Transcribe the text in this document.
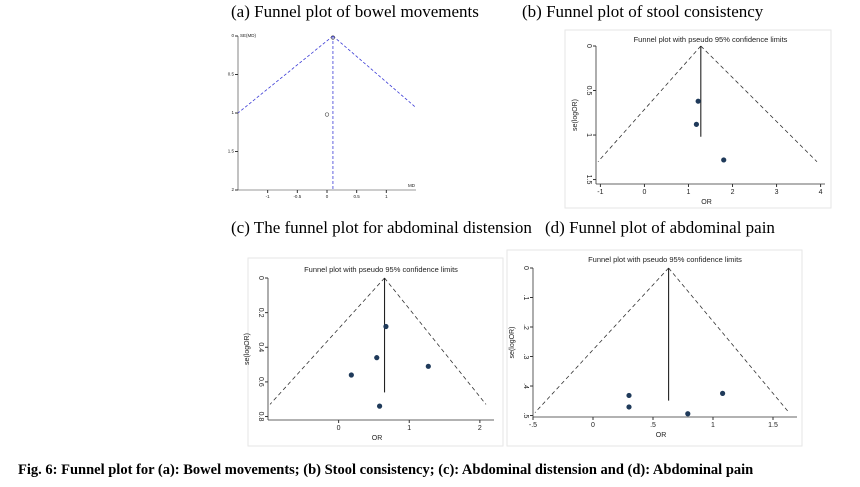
(a) Funnel plot of bowel movements	(b) Funnel plot of stool consistency
(c) The funnel plot for abdominal distension (d) Funnel plot of abdominal pain
-1	-0.5	0	0.5	1
0
0.5
1
1.5
2
SE(MD)
MD
-1	0	1	2	3	4
0
0.5
1
1.5
OR
se(logOR)
Funnel plot with pseudo 95% confidence limits
0	1	2
0
0.2
0.4
0.6
0.8
OR
se(logOR)
Funnel plot with pseudo 95% confidence limits
-.5	0	.5	1	1.5
0
.1
.2
.3
.4
.5
OR
se(logOR)
Funnel plot with pseudo 95% confidence limits
Fig. 6: Funnel plot for (a): Bowel movements; (b) Stool consistency; (c): Abdominal distension and (d): Abdominal pain
